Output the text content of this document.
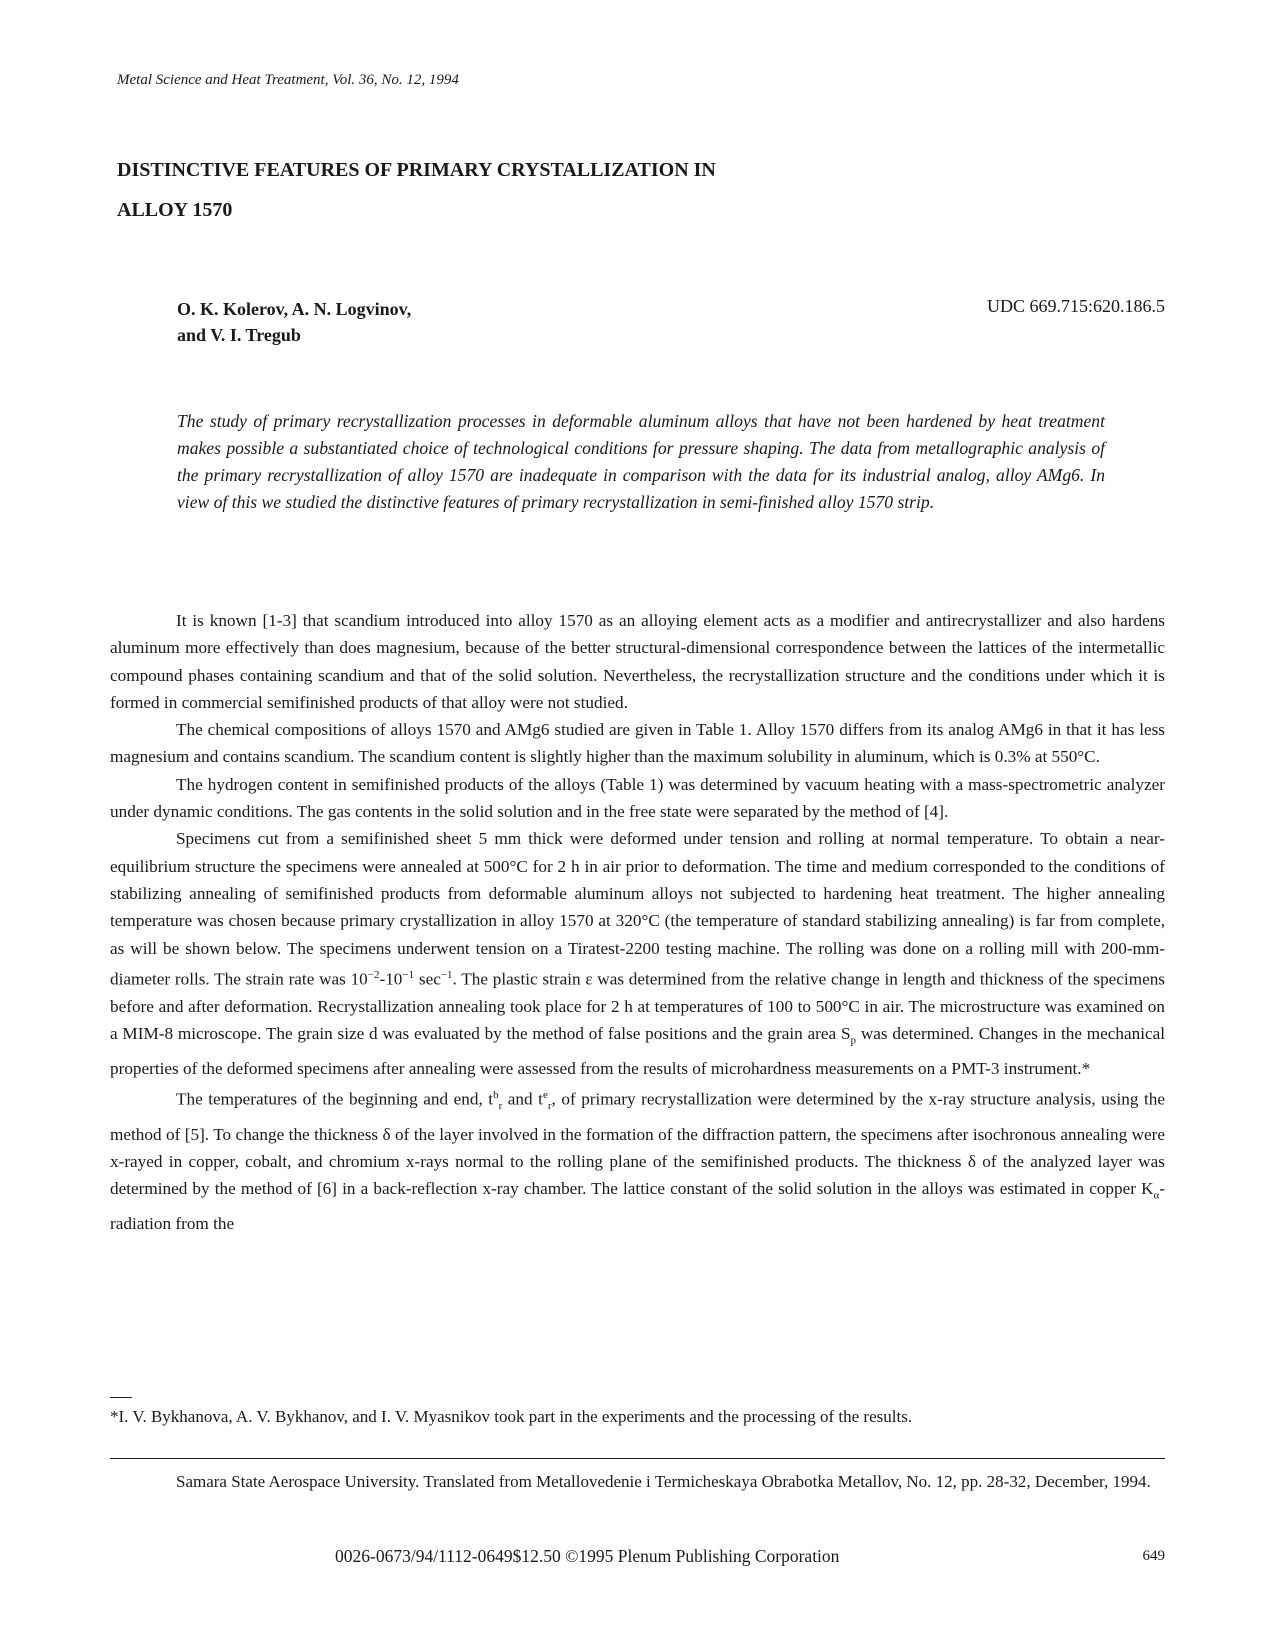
Metal Science and Heat Treatment, Vol. 36, No. 12, 1994
DISTINCTIVE FEATURES OF PRIMARY CRYSTALLIZATION IN
ALLOY 1570
O. K. Kolerov, A. N. Logvinov,
and V. I. Tregub
UDC 669.715:620.186.5

The study of primary recrystallization processes in deformable aluminum alloys that have not been hardened by heat treatment makes possible a substantiated choice of technological conditions for pressure shaping. The data from metallographic analysis of the primary recrystallization of alloy 1570 are inadequate in comparison with the data for its industrial analog, alloy AMg6. In view of this we studied the distinctive features of primary recrystallization in semi-finished alloy 1570 strip.

It is known [1-3] that scandium introduced into alloy 1570 as an alloying element acts as a modifier and antirecrystallizer and also hardens aluminum more effectively than does magnesium, because of the better structural-dimensional correspondence between the lattices of the intermetallic compound phases containing scandium and that of the solid solution. Nevertheless, the recrystallization structure and the conditions under which it is formed in commercial semifinished products of that alloy were not studied.

The chemical compositions of alloys 1570 and AMg6 studied are given in Table 1. Alloy 1570 differs from its analog AMg6 in that it has less magnesium and contains scandium. The scandium content is slightly higher than the maximum solubility in aluminum, which is 0.3% at 550°C.

The hydrogen content in semifinished products of the alloys (Table 1) was determined by vacuum heating with a mass-spectrometric analyzer under dynamic conditions. The gas contents in the solid solution and in the free state were separated by the method of [4].

Specimens cut from a semifinished sheet 5 mm thick were deformed under tension and rolling at normal temperature. To obtain a near-equilibrium structure the specimens were annealed at 500°C for 2 h in air prior to deformation. The time and medium corresponded to the conditions of stabilizing annealing of semifinished products from deformable aluminum alloys not subjected to hardening heat treatment. The higher annealing temperature was chosen because primary crystallization in alloy 1570 at 320°C (the temperature of standard stabilizing annealing) is far from complete, as will be shown below. The specimens underwent tension on a Tiratest-2200 testing machine. The rolling was done on a rolling mill with 200-mm-diameter rolls. The strain rate was $10^{-2}-10^{-1}$ $\sec^{-1}$. The plastic strain ε was determined from the relative change in length and thickness of the specimens before and after deformation. Recrystallization annealing took place for 2 h at temperatures of 100 to 500°C in air. The microstructure was examined on a MIM-8 microscope. The grain size d was evaluated by the method of false positions and the grain area $S_p$ was determined. Changes in the mechanical properties of the deformed specimens after annealing were assessed from the results of microhardness measurements on a PMT-3 instrument.*

The temperatures of the beginning and end, $t^b_r$ and $t^e_r$, of primary recrystallization were determined by the x-ray structure analysis, using the method of [5]. To change the thickness δ of the layer involved in the formation of the diffraction pattern, the specimens after isochronous annealing were x-rayed in copper, cobalt, and chromium x-rays normal to the rolling plane of the semifinished products. The thickness δ of the analyzed layer was determined by the method of [6] in a back-reflection x-ray chamber. The lattice constant of the solid solution in the alloys was estimated in copper $K_\alpha$-radiation from the

*I. V. Bykhanova, A. V. Bykhanov, and I. V. Myasnikov took part in the experiments and the processing of the results.

Samara State Aerospace University. Translated from Metallovedenie i Termicheskaya Obrabotka Metallov, No. 12, pp. 28-32, December, 1994.

0026-0673/94/1112-0649$12.50 ©1995 Plenum Publishing Corporation	649
